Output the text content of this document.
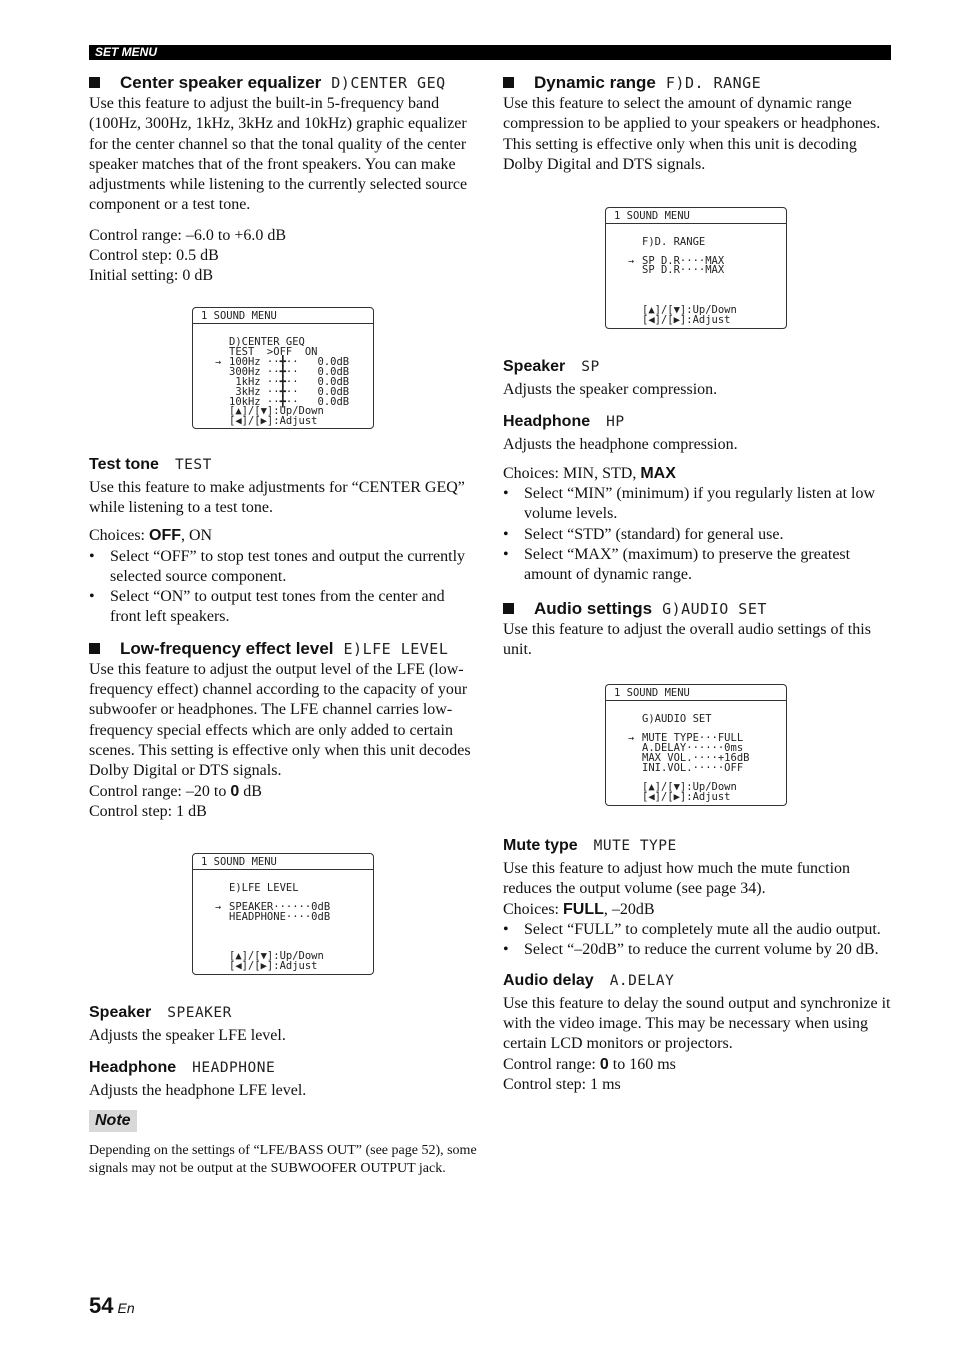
SET MENU
Center speaker equalizer D)CENTER GEQ

Use this feature to adjust the built-in 5-frequency band (100Hz, 300Hz, 1kHz, 3kHz and 10kHz) graphic equalizer for the center channel so that the tonal quality of the center speaker matches that of the front speakers. You can make adjustments while listening to the currently selected source component or a test tone.

Control range: –6.0 to +6.0 dB

Control step: 0.5 dB

Initial setting: 0 dB

1 SOUND MENU
D)CENTER GEQ
TEST  >OFF  ON
→ 100Hz ··╋··   0.0dB
300Hz ··╋··   0.0dB
1kHz ··╋··   0.0dB
3kHz ··╋··   0.0dB
10kHz ··╋··   0.0dB
[▲]/[▼]:Up/Down
[◀]/[▶]:Adjust
Test tone TEST

Use this feature to make adjustments for “CENTER GEQ” while listening to a test tone.

Choices: OFF, ON

• Select “OFF” to stop test tones and output the currently selected source component.
• Select “ON” to output test tones from the center and front left speakers.
Low-frequency effect level E)LFE LEVEL

Use this feature to adjust the output level of the LFE (low-frequency effect) channel according to the capacity of your subwoofer or headphones. The LFE channel carries low-frequency special effects which are only added to certain scenes. This setting is effective only when this unit decodes Dolby Digital or DTS signals.

Control range: –20 to 0 dB

Control step: 1 dB

1 SOUND MENU
E)LFE LEVEL
→ SPEAKER······0dB
HEADPHONE····0dB
[▲]/[▼]:Up/Down
[◀]/[▶]:Adjust
Speaker SPEAKER

Adjusts the speaker LFE level.

Headphone HEADPHONE

Adjusts the headphone LFE level.

Note

Depending on the settings of “LFE/BASS OUT” (see page 52), some signals may not be output at the SUBWOOFER OUTPUT jack.

Dynamic range F)D. RANGE

Use this feature to select the amount of dynamic range compression to be applied to your speakers or headphones. This setting is effective only when this unit is decoding Dolby Digital and DTS signals.

1 SOUND MENU
F)D. RANGE
→ SP D.R····MAX
SP D.R····MAX
[▲]/[▼]:Up/Down
[◀]/[▶]:Adjust
Speaker SP

Adjusts the speaker compression.

Headphone HP

Adjusts the headphone compression.

Choices: MIN, STD, MAX

• Select “MIN” (minimum) if you regularly listen at low volume levels.
• Select “STD” (standard) for general use.
• Select “MAX” (maximum) to preserve the greatest amount of dynamic range.
Audio settings G)AUDIO SET

Use this feature to adjust the overall audio settings of this unit.

1 SOUND MENU
G)AUDIO SET
→ MUTE TYPE···FULL
A.DELAY······0ms
MAX VOL.····+16dB
INI.VOL.·····OFF
[▲]/[▼]:Up/Down
[◀]/[▶]:Adjust
Mute type MUTE TYPE

Use this feature to adjust how much the mute function reduces the output volume (see page 34).

Choices: FULL, –20dB

• Select “FULL” to completely mute all the audio output.
• Select “–20dB” to reduce the current volume by 20 dB.
Audio delay A.DELAY

Use this feature to delay the sound output and synchronize it with the video image. This may be necessary when using certain LCD monitors or projectors.

Control range: 0 to 160 ms

Control step: 1 ms

54 En
